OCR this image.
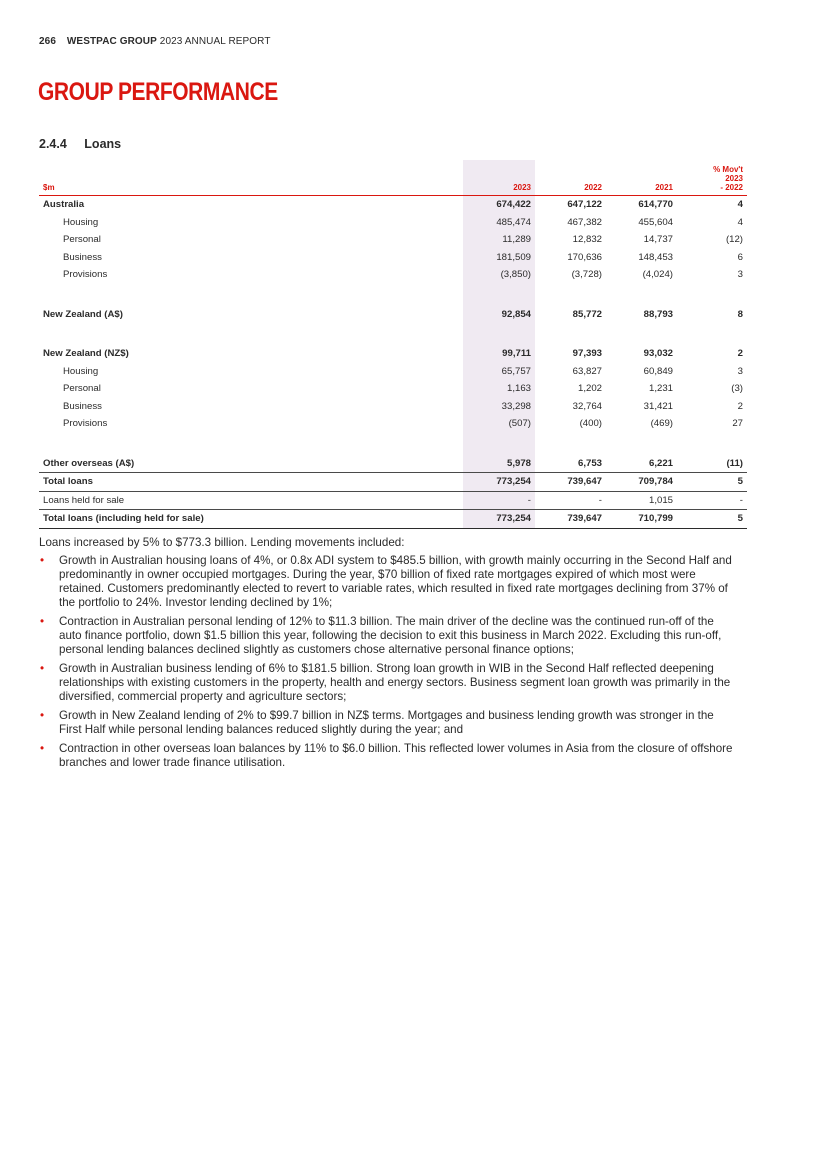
266 WESTPAC GROUP 2023 ANNUAL REPORT
GROUP PERFORMANCE
2.4.4 Loans
$m	2023	2022	2021	% Mov't
2023
- 2022
Australia	674,422	647,122	614,770	4
Housing	485,474	467,382	455,604	4
Personal	11,289	12,832	14,737	(12)
Business	181,509	170,636	148,453	6
Provisions	(3,850)	(3,728)	(4,024)	3

New Zealand (A$)	92,854	85,772	88,793	8

New Zealand (NZ$)	99,711	97,393	93,032	2
Housing	65,757	63,827	60,849	3
Personal	1,163	1,202	1,231	(3)
Business	33,298	32,764	31,421	2
Provisions	(507)	(400)	(469)	27

Other overseas (A$)	5,978	6,753	6,221	(11)
Total loans	773,254	739,647	709,784	5
Loans held for sale	-	-	1,015	-
Total loans (including held for sale)	773,254	739,647	710,799	5

Loans increased by 5% to $773.3 billion. Lending movements included:

• Growth in Australian housing loans of 4%, or 0.8x ADI system to $485.5 billion, with growth mainly occurring in the Second Half and predominantly in owner occupied mortgages. During the year, $70 billion of fixed rate mortgages expired of which most were retained. Customers predominantly elected to revert to variable rates, which resulted in fixed rate mortgages declining from 37% of the portfolio to 24%. Investor lending declined by 1%;
• Contraction in Australian personal lending of 12% to $11.3 billion. The main driver of the decline was the continued run-off of the auto finance portfolio, down $1.5 billion this year, following the decision to exit this business in March 2022. Excluding this run-off, personal lending balances declined slightly as customers chose alternative personal finance options;
• Growth in Australian business lending of 6% to $181.5 billion. Strong loan growth in WIB in the Second Half reflected deepening relationships with existing customers in the property, health and energy sectors. Business segment loan growth was primarily in the diversified, commercial property and agriculture sectors;
• Growth in New Zealand lending of 2% to $99.7 billion in NZ$ terms. Mortgages and business lending growth was stronger in the First Half while personal lending balances reduced slightly during the year; and
• Contraction in other overseas loan balances by 11% to $6.0 billion. This reflected lower volumes in Asia from the closure of offshore branches and lower trade finance utilisation.
